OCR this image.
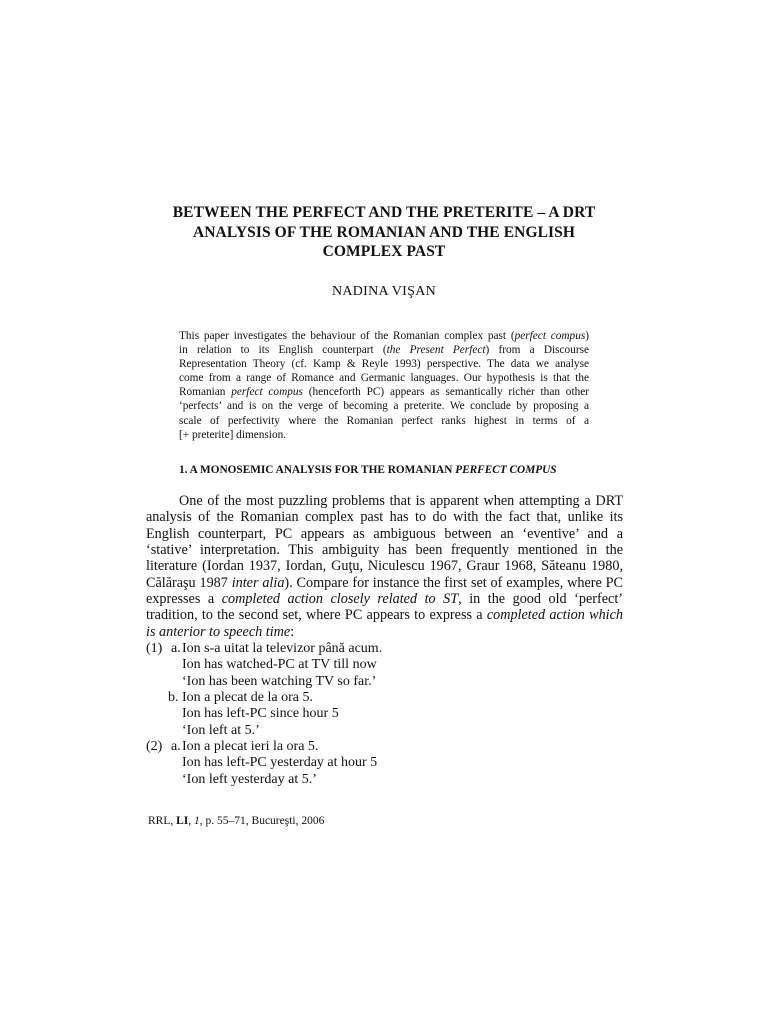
BETWEEN THE PERFECT AND THE PRETERITE – A DRT
ANALYSIS OF THE ROMANIAN AND THE ENGLISH
COMPLEX PAST
NADINA VIŞAN
This paper investigates the behaviour of the Romanian complex past (perfect compus)
in relation to its English counterpart (the Present Perfect) from a Discourse
Representation Theory (cf. Kamp & Reyle 1993) perspective. The data we analyse
come from a range of Romance and Germanic languages. Our hypothesis is that the
Romanian perfect compus (henceforth PC) appears as semantically richer than other
‘perfects’ and is on the verge of becoming a preterite. We conclude by proposing a
scale of perfectivity where the Romanian perfect ranks highest in terms of a
[+ preterite] dimension.
1. A MONOSEMIC ANALYSIS FOR THE ROMANIAN PERFECT COMPUS
One of the most puzzling problems that is apparent when attempting a DRT
analysis of the Romanian complex past has to do with the fact that, unlike its
English counterpart, PC appears as ambiguous between an ‘eventive’ and a
‘stative’ interpretation. This ambiguity has been frequently mentioned in the
literature (Iordan 1937, Iordan, Guţu, Niculescu 1967, Graur 1968, Săteanu 1980,
Călăraşu 1987 inter alia). Compare for instance the first set of examples, where PC
expresses a completed action closely related to ST, in the good old ‘perfect’
tradition, to the second set, where PC appears to express a completed action which
is anterior to speech time:
(1) a. Ion s-a uitat la televizor până acum.
Ion has watched-PC at TV till now
‘Ion has been watching TV so far.’
b. Ion a plecat de la ora 5.
Ion has left-PC since hour 5
‘Ion left at 5.’
(2) a. Ion a plecat ieri la ora 5.
Ion has left-PC yesterday at hour 5
‘Ion left yesterday at 5.’
RRL, LI, 1, p. 55–71, Bucureşti, 2006
